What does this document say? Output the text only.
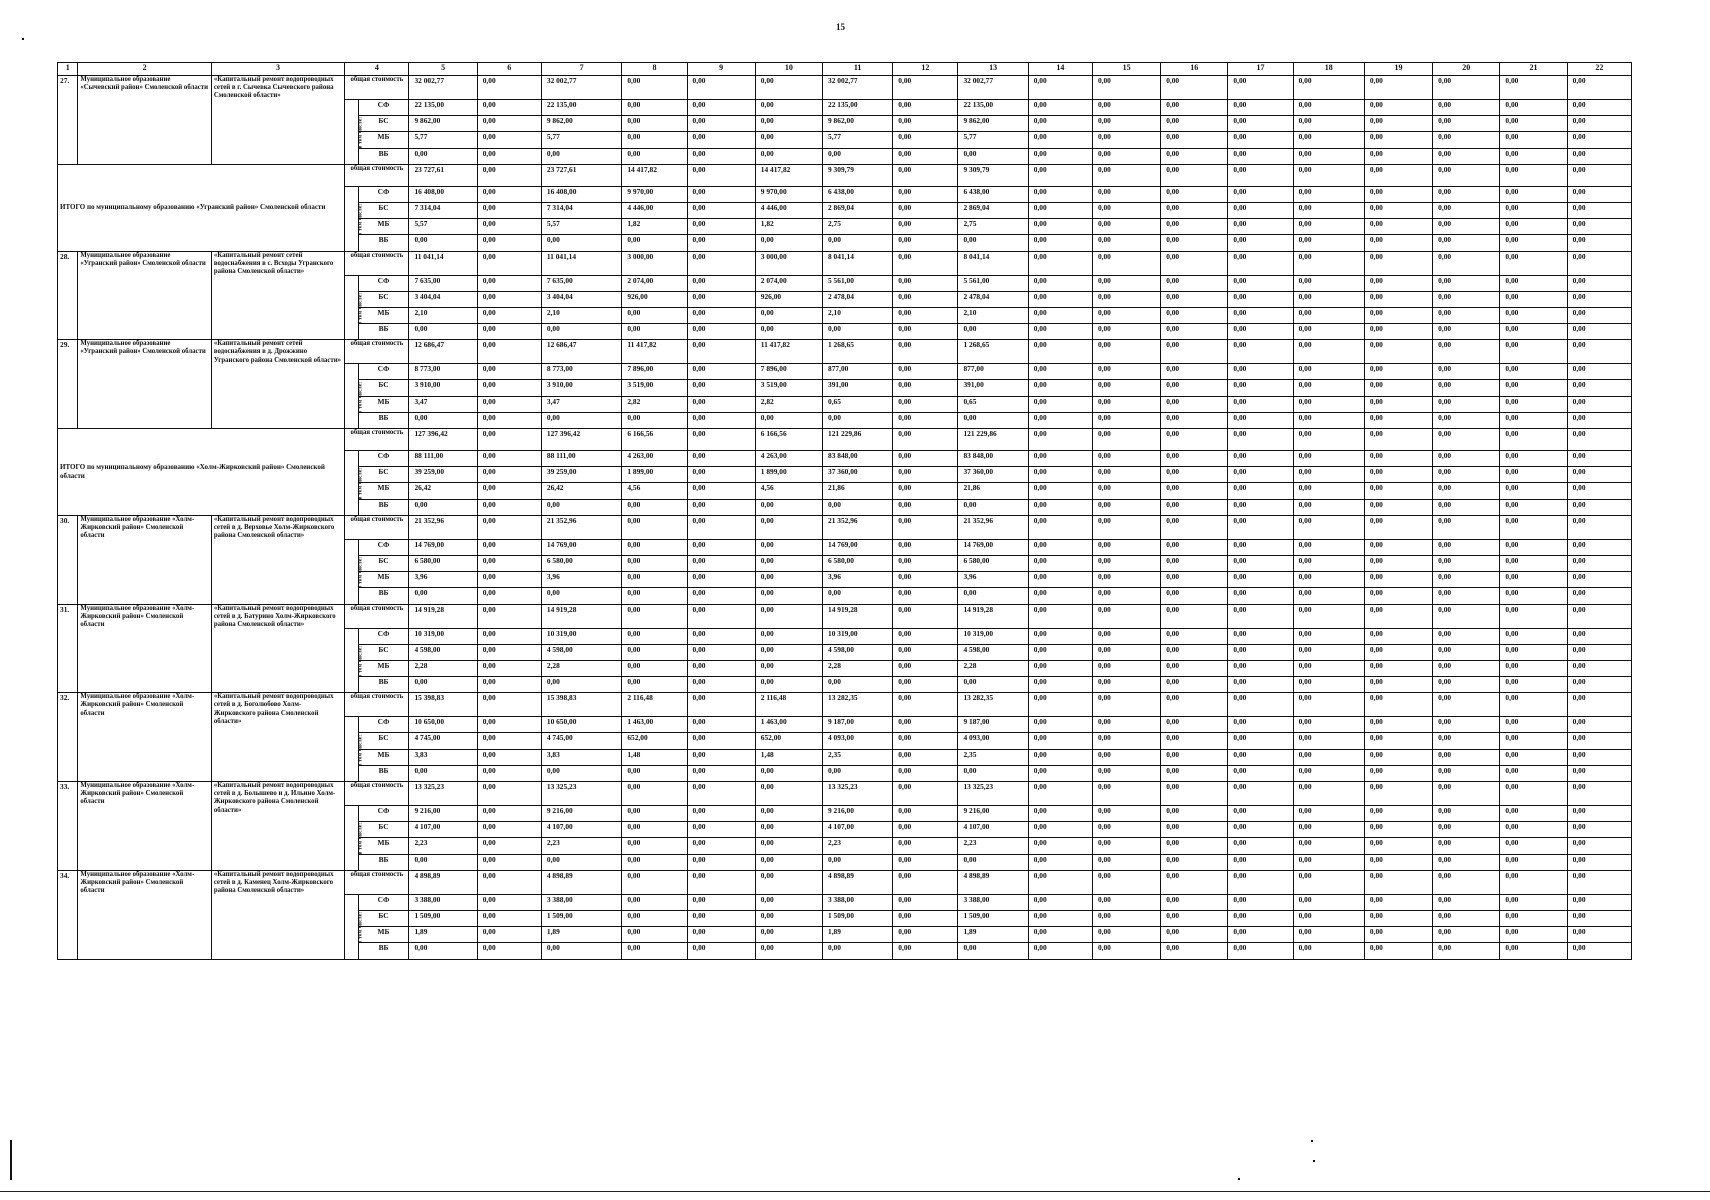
15
1	2	3	4		5	6	7	8	9	10	11	12	13	14	15	16	17	18	19	20	21	22
27.	Муниципальное образование «Сычевский район» Смоленской области	«Капитальный ремонт водопроводных сетей в г. Сычевка Сычевского района Смоленской области»	общая стоимость		32 002,77	0,00	32 002,77	0,00	0,00	0,00	32 002,77	0,00	32 002,77	0,00	0,00	0,00	0,00	0,00	0,00	0,00	0,00	0,00
			в том числе:	СФ	22 135,00	0,00	22 135,00	0,00	0,00	0,00	22 135,00	0,00	22 135,00	0,00	0,00	0,00	0,00	0,00	0,00	0,00	0,00	0,00
				БС	9 862,00	0,00	9 862,00	0,00	0,00	0,00	9 862,00	0,00	9 862,00	0,00	0,00	0,00	0,00	0,00	0,00	0,00	0,00	0,00
				МБ	5,77	0,00	5,77	0,00	0,00	0,00	5,77	0,00	5,77	0,00	0,00	0,00	0,00	0,00	0,00	0,00	0,00	0,00
				ВБ	0,00	0,00	0,00	0,00	0,00	0,00	0,00	0,00	0,00	0,00	0,00	0,00	0,00	0,00	0,00	0,00	0,00	0,00
ИТОГО по муниципальному образованию «Угранский район» Смоленской области			общая стоимость		23 727,61	0,00	23 727,61	14 417,82	0,00	14 417,82	9 309,79	0,00	9 309,79	0,00	0,00	0,00	0,00	0,00	0,00	0,00	0,00	0,00
			в том числе:	СФ	16 408,00	0,00	16 408,00	9 970,00	0,00	9 970,00	6 438,00	0,00	6 438,00	0,00	0,00	0,00	0,00	0,00	0,00	0,00	0,00	0,00
				БС	7 314,04	0,00	7 314,04	4 446,00	0,00	4 446,00	2 869,04	0,00	2 869,04	0,00	0,00	0,00	0,00	0,00	0,00	0,00	0,00	0,00
				МБ	5,57	0,00	5,57	1,82	0,00	1,82	2,75	0,00	2,75	0,00	0,00	0,00	0,00	0,00	0,00	0,00	0,00	0,00
				ВБ	0,00	0,00	0,00	0,00	0,00	0,00	0,00	0,00	0,00	0,00	0,00	0,00	0,00	0,00	0,00	0,00	0,00	0,00
28.	Муниципальное образование «Угранский район» Смоленской области	«Капитальный ремонт сетей водоснабжения в с. Всходы Угранского района Смоленской области»	общая стоимость		11 041,14	0,00	11 041,14	3 000,00	0,00	3 000,00	8 041,14	0,00	8 041,14	0,00	0,00	0,00	0,00	0,00	0,00	0,00	0,00	0,00
			в том числе:	СФ	7 635,00	0,00	7 635,00	2 074,00	0,00	2 074,00	5 561,00	0,00	5 561,00	0,00	0,00	0,00	0,00	0,00	0,00	0,00	0,00	0,00
				БС	3 404,04	0,00	3 404,04	926,00	0,00	926,00	2 478,04	0,00	2 478,04	0,00	0,00	0,00	0,00	0,00	0,00	0,00	0,00	0,00
				МБ	2,10	0,00	2,10	0,00	0,00	0,00	2,10	0,00	2,10	0,00	0,00	0,00	0,00	0,00	0,00	0,00	0,00	0,00
				ВБ	0,00	0,00	0,00	0,00	0,00	0,00	0,00	0,00	0,00	0,00	0,00	0,00	0,00	0,00	0,00	0,00	0,00	0,00
29.	Муниципальное образование «Угранский район» Смоленской области	«Капитальный ремонт сетей водоснабжения в д. Дрожжино Угранского района Смоленской области»	общая стоимость		12 686,47	0,00	12 686,47	11 417,82	0,00	11 417,82	1 268,65	0,00	1 268,65	0,00	0,00	0,00	0,00	0,00	0,00	0,00	0,00	0,00
			в том числе:	СФ	8 773,00	0,00	8 773,00	7 896,00	0,00	7 896,00	877,00	0,00	877,00	0,00	0,00	0,00	0,00	0,00	0,00	0,00	0,00	0,00
				БС	3 910,00	0,00	3 910,00	3 519,00	0,00	3 519,00	391,00	0,00	391,00	0,00	0,00	0,00	0,00	0,00	0,00	0,00	0,00	0,00
				МБ	3,47	0,00	3,47	2,82	0,00	2,82	0,65	0,00	0,65	0,00	0,00	0,00	0,00	0,00	0,00	0,00	0,00	0,00
				ВБ	0,00	0,00	0,00	0,00	0,00	0,00	0,00	0,00	0,00	0,00	0,00	0,00	0,00	0,00	0,00	0,00	0,00	0,00
ИТОГО по муниципальному образованию «Холм-Жирковский район» Смоленской области			общая стоимость		127 396,42	0,00	127 396,42	6 166,56	0,00	6 166,56	121 229,86	0,00	121 229,86	0,00	0,00	0,00	0,00	0,00	0,00	0,00	0,00	0,00
			в том числе:	СФ	88 111,00	0,00	88 111,00	4 263,00	0,00	4 263,00	83 848,00	0,00	83 848,00	0,00	0,00	0,00	0,00	0,00	0,00	0,00	0,00	0,00
				БС	39 259,00	0,00	39 259,00	1 899,00	0,00	1 899,00	37 360,00	0,00	37 360,00	0,00	0,00	0,00	0,00	0,00	0,00	0,00	0,00	0,00
				МБ	26,42	0,00	26,42	4,56	0,00	4,56	21,86	0,00	21,86	0,00	0,00	0,00	0,00	0,00	0,00	0,00	0,00	0,00
				ВБ	0,00	0,00	0,00	0,00	0,00	0,00	0,00	0,00	0,00	0,00	0,00	0,00	0,00	0,00	0,00	0,00	0,00	0,00
30.	Муниципальное образование «Холм-Жирковский район» Смоленской области	«Капитальный ремонт водопроводных сетей в д. Верховье Холм-Жирковского района Смоленской области»	общая стоимость		21 352,96	0,00	21 352,96	0,00	0,00	0,00	21 352,96	0,00	21 352,96	0,00	0,00	0,00	0,00	0,00	0,00	0,00	0,00	0,00
			в том числе:	СФ	14 769,00	0,00	14 769,00	0,00	0,00	0,00	14 769,00	0,00	14 769,00	0,00	0,00	0,00	0,00	0,00	0,00	0,00	0,00	0,00
				БС	6 580,00	0,00	6 580,00	0,00	0,00	0,00	6 580,00	0,00	6 580,00	0,00	0,00	0,00	0,00	0,00	0,00	0,00	0,00	0,00
				МБ	3,96	0,00	3,96	0,00	0,00	0,00	3,96	0,00	3,96	0,00	0,00	0,00	0,00	0,00	0,00	0,00	0,00	0,00
				ВБ	0,00	0,00	0,00	0,00	0,00	0,00	0,00	0,00	0,00	0,00	0,00	0,00	0,00	0,00	0,00	0,00	0,00	0,00
31.	Муниципальное образование «Холм-Жирковский район» Смоленской области	«Капитальный ремонт водопроводных сетей в д. Батурино Холм-Жирковского района Смоленской области»	общая стоимость		14 919,28	0,00	14 919,28	0,00	0,00	0,00	14 919,28	0,00	14 919,28	0,00	0,00	0,00	0,00	0,00	0,00	0,00	0,00	0,00
			в том числе:	СФ	10 319,00	0,00	10 319,00	0,00	0,00	0,00	10 319,00	0,00	10 319,00	0,00	0,00	0,00	0,00	0,00	0,00	0,00	0,00	0,00
				БС	4 598,00	0,00	4 598,00	0,00	0,00	0,00	4 598,00	0,00	4 598,00	0,00	0,00	0,00	0,00	0,00	0,00	0,00	0,00	0,00
				МБ	2,28	0,00	2,28	0,00	0,00	0,00	2,28	0,00	2,28	0,00	0,00	0,00	0,00	0,00	0,00	0,00	0,00	0,00
				ВБ	0,00	0,00	0,00	0,00	0,00	0,00	0,00	0,00	0,00	0,00	0,00	0,00	0,00	0,00	0,00	0,00	0,00	0,00
32.	Муниципальное образование «Холм-Жирковский район» Смоленской области	«Капитальный ремонт водопроводных сетей в д. Боголюбово Холм-Жирковского района Смоленской области»	общая стоимость		15 398,83	0,00	15 398,83	2 116,48	0,00	2 116,48	13 282,35	0,00	13 282,35	0,00	0,00	0,00	0,00	0,00	0,00	0,00	0,00	0,00
			в том числе:	СФ	10 650,00	0,00	10 650,00	1 463,00	0,00	1 463,00	9 187,00	0,00	9 187,00	0,00	0,00	0,00	0,00	0,00	0,00	0,00	0,00	0,00
				БС	4 745,00	0,00	4 745,00	652,00	0,00	652,00	4 093,00	0,00	4 093,00	0,00	0,00	0,00	0,00	0,00	0,00	0,00	0,00	0,00
				МБ	3,83	0,00	3,83	1,48	0,00	1,48	2,35	0,00	2,35	0,00	0,00	0,00	0,00	0,00	0,00	0,00	0,00	0,00
				ВБ	0,00	0,00	0,00	0,00	0,00	0,00	0,00	0,00	0,00	0,00	0,00	0,00	0,00	0,00	0,00	0,00	0,00	0,00
33.	Муниципальное образование «Холм-Жирковский район» Смоленской области	«Капитальный ремонт водопроводных сетей в д. Болышево и д. Ильино Холм-Жирковского района Смоленской области»	общая стоимость		13 325,23	0,00	13 325,23	0,00	0,00	0,00	13 325,23	0,00	13 325,23	0,00	0,00	0,00	0,00	0,00	0,00	0,00	0,00	0,00
			в том числе:	СФ	9 216,00	0,00	9 216,00	0,00	0,00	0,00	9 216,00	0,00	9 216,00	0,00	0,00	0,00	0,00	0,00	0,00	0,00	0,00	0,00
				БС	4 107,00	0,00	4 107,00	0,00	0,00	0,00	4 107,00	0,00	4 107,00	0,00	0,00	0,00	0,00	0,00	0,00	0,00	0,00	0,00
				МБ	2,23	0,00	2,23	0,00	0,00	0,00	2,23	0,00	2,23	0,00	0,00	0,00	0,00	0,00	0,00	0,00	0,00	0,00
				ВБ	0,00	0,00	0,00	0,00	0,00	0,00	0,00	0,00	0,00	0,00	0,00	0,00	0,00	0,00	0,00	0,00	0,00	0,00
34.	Муниципальное образование «Холм-Жирковский район» Смоленской области	«Капитальный ремонт водопроводных сетей в д. Каменец Холм-Жирковского района Смоленской области»	общая стоимость		4 898,89	0,00	4 898,89	0,00	0,00	0,00	4 898,89	0,00	4 898,89	0,00	0,00	0,00	0,00	0,00	0,00	0,00	0,00	0,00
			в том числе:	СФ	3 388,00	0,00	3 388,00	0,00	0,00	0,00	3 388,00	0,00	3 388,00	0,00	0,00	0,00	0,00	0,00	0,00	0,00	0,00	0,00
				БС	1 509,00	0,00	1 509,00	0,00	0,00	0,00	1 509,00	0,00	1 509,00	0,00	0,00	0,00	0,00	0,00	0,00	0,00	0,00	0,00
				МБ	1,89	0,00	1,89	0,00	0,00	0,00	1,89	0,00	1,89	0,00	0,00	0,00	0,00	0,00	0,00	0,00	0,00	0,00
				ВБ	0,00	0,00	0,00	0,00	0,00	0,00	0,00	0,00	0,00	0,00	0,00	0,00	0,00	0,00	0,00	0,00	0,00	0,00
